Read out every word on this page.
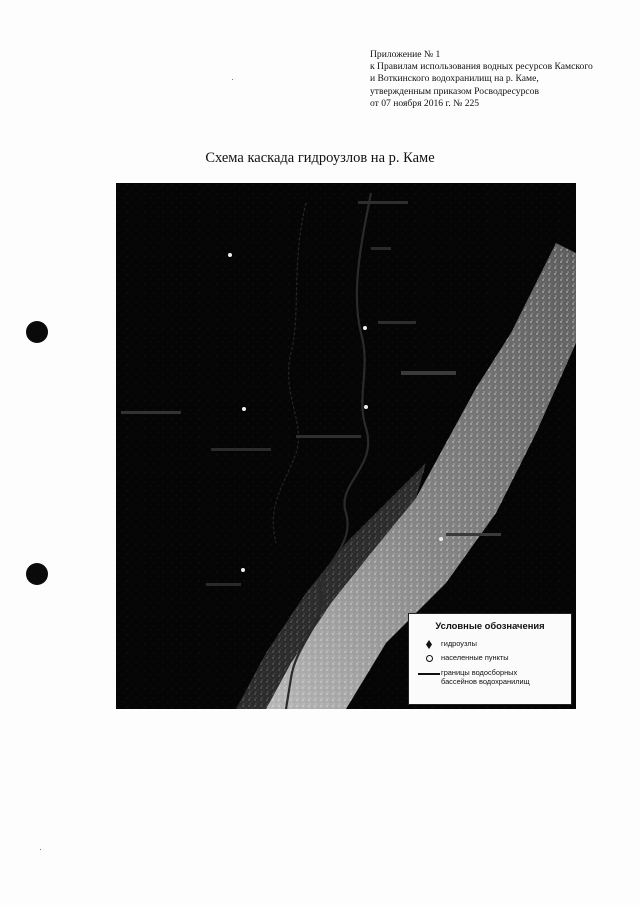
Приложение № 1
к Правилам использования водных ресурсов Камского
и Воткинского водохранилищ на р. Каме,
утвержденным приказом Росводресурсов
от 07 ноября 2016 г. № 225
Схема каскада гидроузлов на р. Каме
Условные обозначения
гидроузлы
населенные пункты
границы водосборных
бассейнов водохранилищ
